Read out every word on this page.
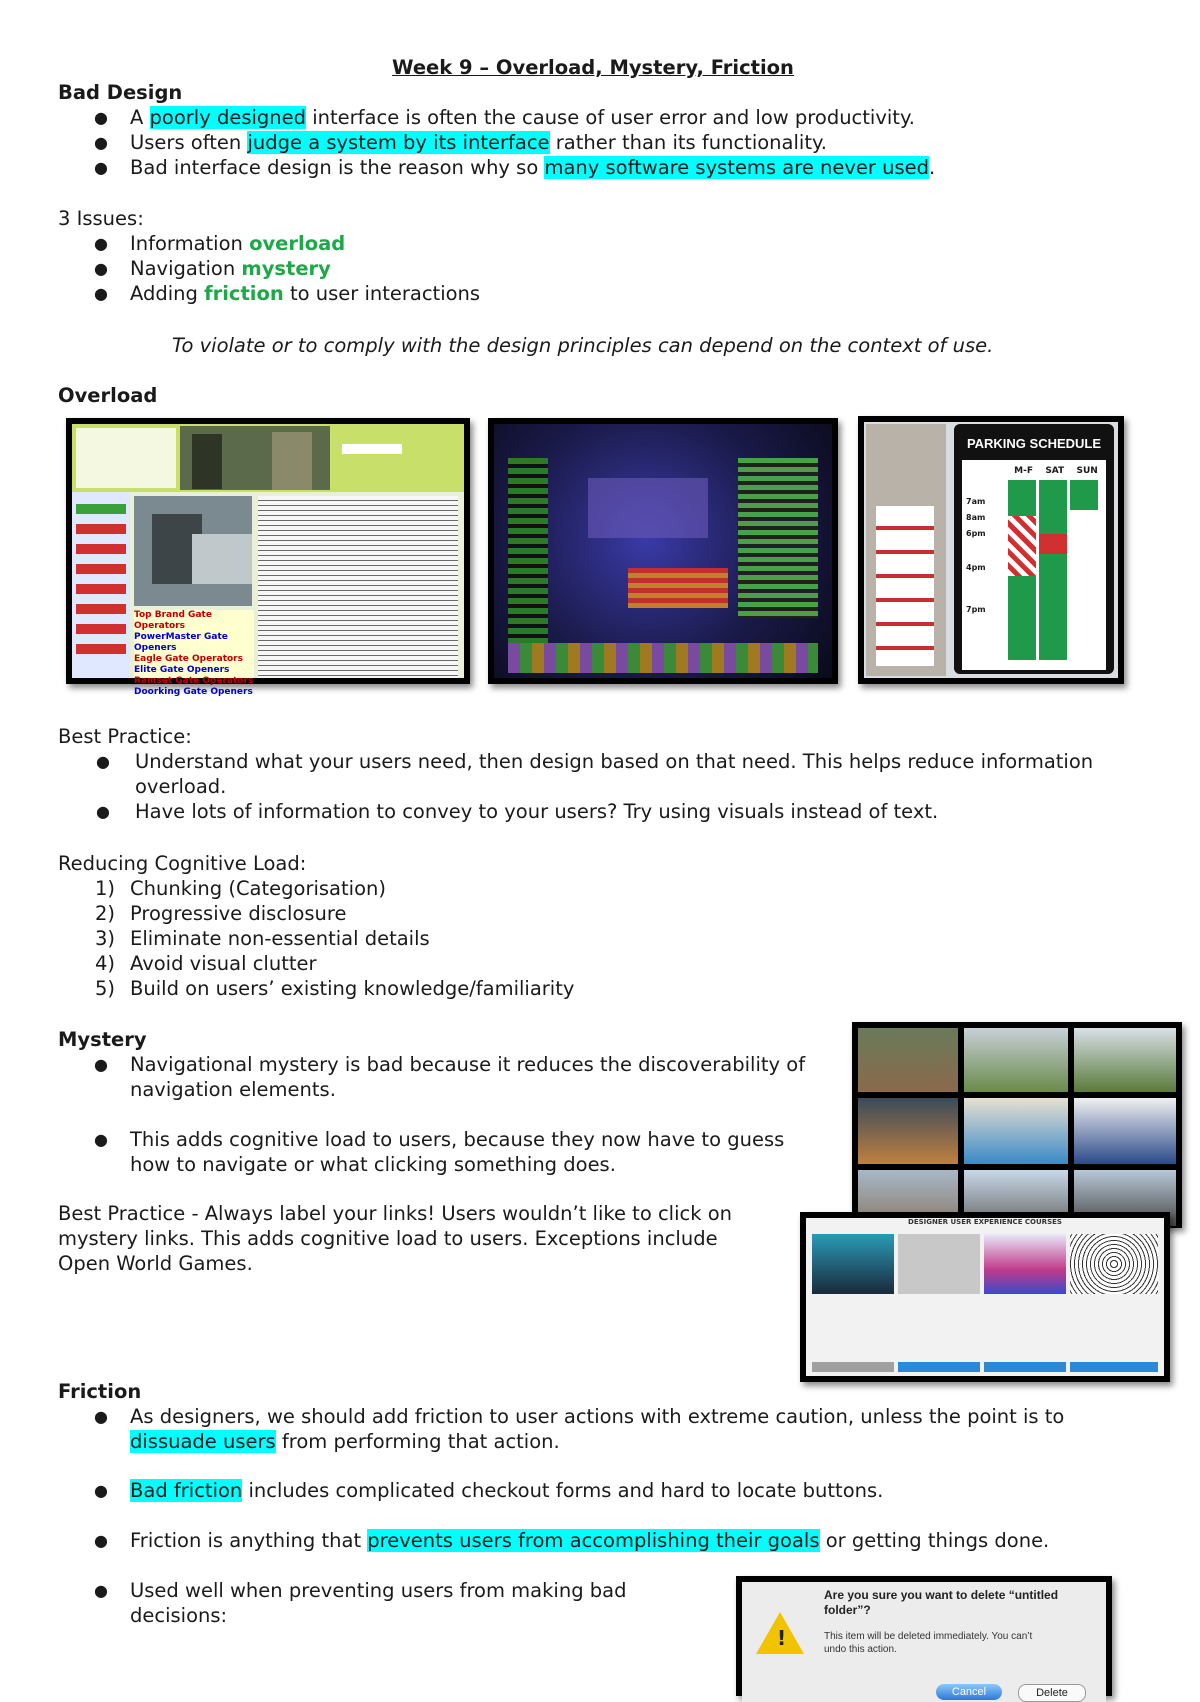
Week 9 – Overload, Mystery, Friction
Bad Design
● A poorly designed interface is often the cause of user error and low productivity.
● Users often judge a system by its interface rather than its functionality.
● Bad interface design is the reason why so many software systems are never used.
3 Issues:
● Information overload
● Navigation mystery
● Adding friction to user interactions
To violate or to comply with the design principles can depend on the context of use.
Overload
Top Brand Gate Operators
PowerMaster Gate Openers
Eagle Gate Operators
Elite Gate Openers
Ramset Gate Operators
Doorking Gate Openers
PARKING SCHEDULE
M-F SAT SUN
7am
8am
6pm
4pm
7pm
Best Practice:
● Understand what your users need, then design based on that need. This helps reduce information
overload.
● Have lots of information to convey to your users? Try using visuals instead of text.
Reducing Cognitive Load:
1) Chunking (Categorisation)
2) Progressive disclosure
3) Eliminate non-essential details
4) Avoid visual clutter
5) Build on users’ existing knowledge/familiarity
Mystery
● Navigational mystery is bad because it reduces the discoverability of
navigation elements.
● This adds cognitive load to users, because they now have to guess
how to navigate or what clicking something does.
Best Practice - Always label your links! Users wouldn’t like to click on
mystery links. This adds cognitive load to users. Exceptions include
Open World Games.
DESIGNER USER EXPERIENCE COURSES
Friction
● As designers, we should add friction to user actions with extreme caution, unless the point is to
dissuade users from performing that action.
● Bad friction includes complicated checkout forms and hard to locate buttons.
● Friction is anything that prevents users from accomplishing their goals or getting things done.
● Used well when preventing users from making bad
decisions:
!
Are you sure you want to delete “untitled
folder”?
This item will be deleted immediately. You can’t
undo this action.
Cancel	Delete
